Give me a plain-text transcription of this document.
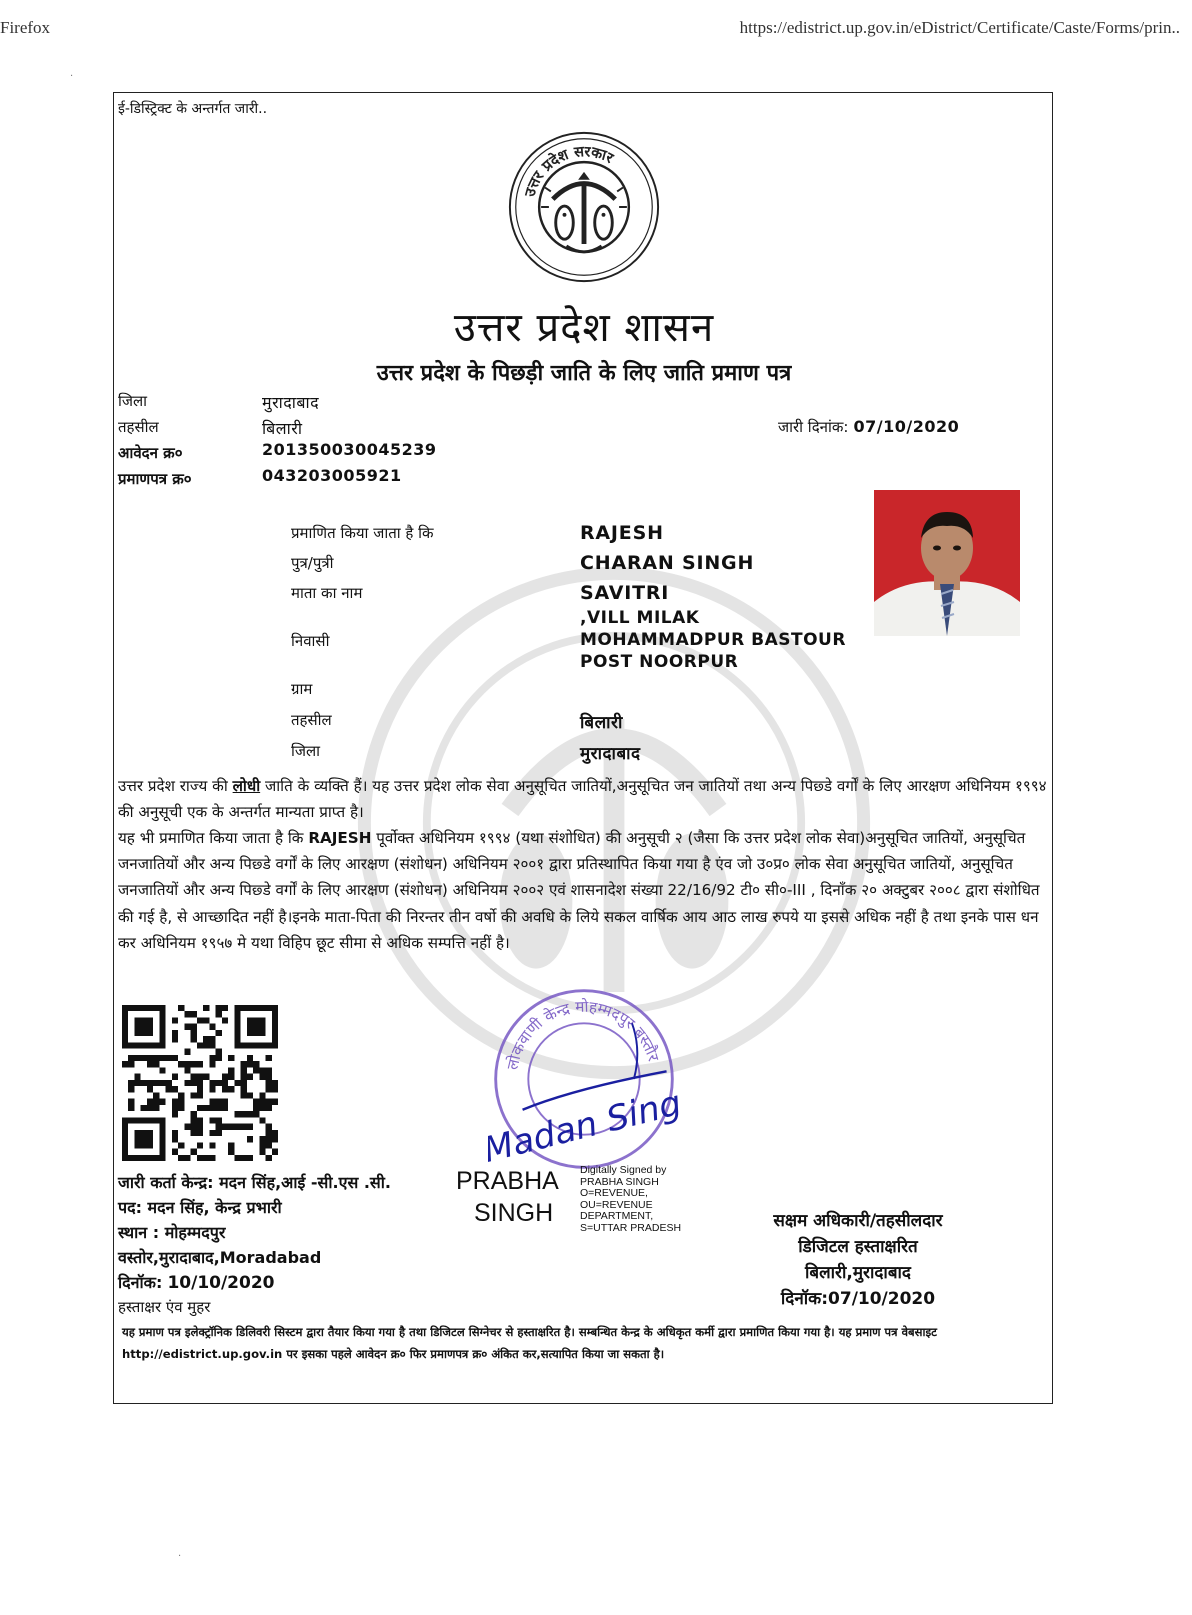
Firefox	https://edistrict.up.gov.in/eDistrict/Certificate/Caste/Forms/prin..
ई-डिस्ट्रिक्ट के अन्तर्गत जारी..
उत्तर प्रदेश सरकार
उत्तर प्रदेश शासन
उत्तर प्रदेश के पिछड़ी जाति के लिए जाति प्रमाण पत्र
जिला	मुरादाबाद
तहसील	बिलारी
आवेदन क्र०	201350030045239
प्रमाणपत्र क्र०	043203005921
जारी दिनांक: 07/10/2020
प्रमाणित किया जाता है कि	RAJESH
पुत्र/पुत्री	CHARAN SINGH
माता का नाम	SAVITRI
,VILL MILAK
निवासी	MOHAMMADPUR BASTOUR
POST NOORPUR
ग्राम
तहसील	बिलारी
जिला	मुरादाबाद
उत्तर प्रदेश राज्य की लोधी जाति के व्यक्ति हैं। यह उत्तर प्रदेश लोक सेवा अनुसूचित जातियों,अनुसूचित जन जातियों तथा अन्य पिछ्डे वर्गों के लिए आरक्षण अधिनियम १९९४ की अनुसूची एक के अन्तर्गत मान्यता प्राप्त है।
यह भी प्रमाणित किया जाता है कि RAJESH पूर्वोक्त अधिनियम १९९४ (यथा संशोधित) की अनुसूची २ (जैसा कि उत्तर प्रदेश लोक सेवा)अनुसूचित जातियों, अनुसूचित जनजातियों और अन्य पिछ्डे वर्गों के लिए आरक्षण (संशोधन) अधिनियम २००१ द्वारा प्रतिस्थापित किया गया है एंव जो उ०प्र० लोक सेवा अनुसूचित जातियों, अनुसूचित जनजातियों और अन्य पिछ्डे वर्गों के लिए आरक्षण (संशोधन) अधिनियम २००२ एवं शासनादेश संख्या 22/16/92 टी० सी०-III , दिनाँक २० अक्टुबर २००८ द्वारा संशोधित की गई है, से आच्छादित नहीं है।इनके माता-पिता की निरन्तर तीन वर्षो की अवधि के लिये सकल वार्षिक आय आठ लाख रुपये या इससे अधिक नहीं है तथा इनके पास धन कर अधिनियम १९५७ मे यथा विहिप छूट सीमा से अधिक सम्पत्ति नहीं है।
लोकवाणी केन्द्र मोहम्मदपुर बस्तौर
Madan Singh
जारी कर्ता केन्द्र: मदन सिंह,आई -सी.एस .सी.
पद: मदन सिंह, केन्द्र प्रभारी
स्थान : मोहम्मदपुर
वस्तोर,मुरादाबाद,Moradabad
दिनॉक: 10/10/2020
हस्ताक्षर एंव मुहर
PRABHA
SINGH
Digitally Signed by
PRABHA SINGH
O=REVENUE,
OU=REVENUE
DEPARTMENT,
S=UTTAR PRADESH	सक्षम अधिकारी/तहसीलदार
डिजिटल हस्ताक्षरित
बिलारी,मुरादाबाद
दिनॉक:07/10/2020
यह प्रमाण पत्र इलेक्ट्रॉनिक डिलिवरी सिस्टम द्वारा तैयार किया गया है तथा डिजिटल सिग्नेचर से हस्ताक्षरित है। सम्बन्धित केन्द्र के अधिकृत कर्मी द्वारा प्रमाणित किया गया है। यह प्रमाण पत्र वेबसाइट http://edistrict.up.gov.in पर इसका पहले आवेदन क्र० फिर प्रमाणपत्र क्र० अंकित कर,सत्यापित किया जा सकता है।
.
.
